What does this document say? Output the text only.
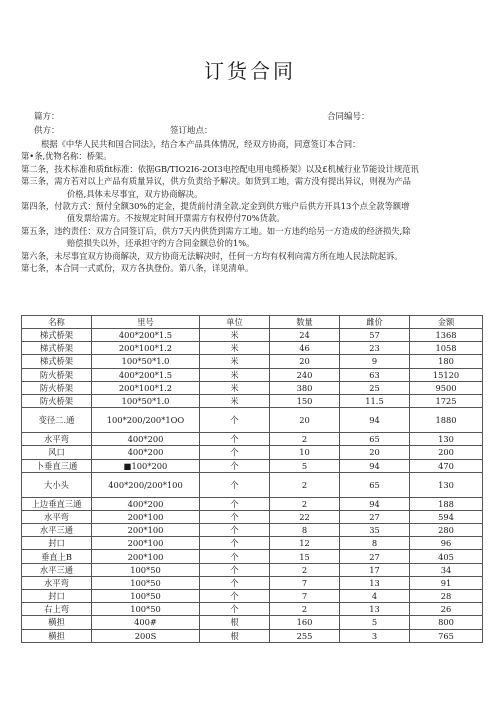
订货合同
篇方：	合同编号：
供方：	签订地点：
根据《中华人民共和国合同法》，结合本产品具体情况，经双方协商，同意签订本合同：
第•条,优物名称：桥架。
第二条，技术标准和质fit标准：依据GB/TIO2I6-2OI3电控配电用电缆桥架》以及£机械行业节能设计规范讯
第三条，需方若对以上产品有质量异议，供方负责给予解决。如货到工地，需方没有提出异议，则视为产品
价格,具体未尽事宜，双方协商解决。
第四条，付款方式：预付全额30%的定金，提货前付清全款.定金到供方账户后供方开具13个点全款等额增
值发票给需方。不按规定时间开票需方有权停付70%货款。
第五条，违约责任：双方合同签订后，供方7天内供货到需方工地。如一方违约给另一方造成的经济损失,除
赔偿损失以外，还承担守约方合同金额总价的1%。
第六条，未尽事宜双方协商解决，双方协商无法解决时，任何一方均有权利向需方所在地人民法院起诉。
第七条，本合同一式贰份，双方各执登份。第八条，详见清单。
名称	里号	单位	数量	雌价	金额
梯式桥架	400*200*1.5	米	24	57	1368
梯式桥架	200*100*1.2	米	46	23	1058
梯式桥架	100*50*1.0	米	20	9	180
防火桥架	400*200*1.5	米	240	63	15120
防火桥架	200*100*1.2	米	380	25	9500
防火桥架	100*50*1.0	米	150	11.5	1725
变径二.通	100*200/200*1OO	个	20	94	1880
水平弯	400*200	个	2	65	130
风口	400*200	个	10	20	200
卜垂直三通	■100*200	个	5	94	470
大小头	400*200/200*100	个	2	65	130
上边垂直三通	400*200	个	2	94	188
水平弯	200*100	个	22	27	594
水平三通	200*100	个	8	35	280
封口	200*100	个	12	8	96
垂直上B	200*100	个	15	27	405
水平三通	100*50	个	2	17	34
水平弯	100*50	个	7	13	91
封口	100*50	个	7	4	28
右上弯	100*50	个	2	13	26
横担	400#	根	160	5	800
横担	200S	根	255	3	765
